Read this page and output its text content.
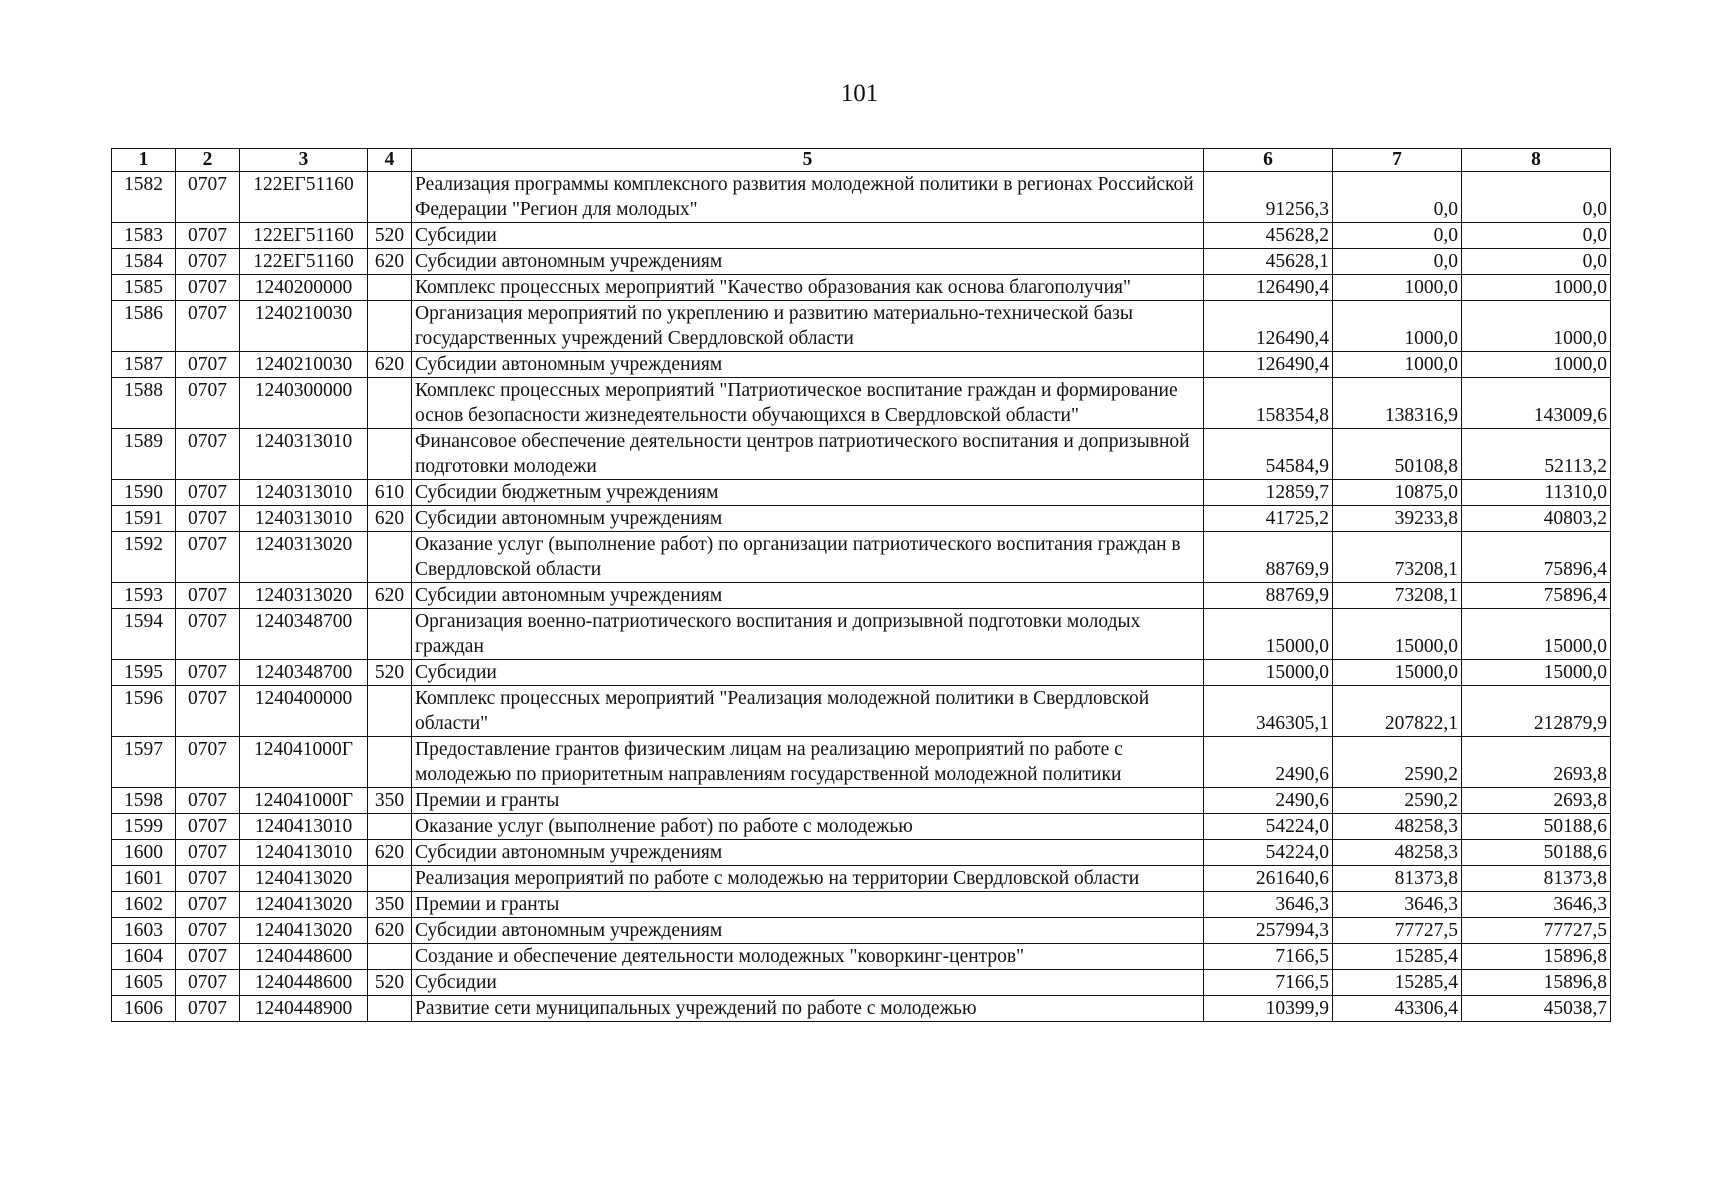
101
1	2	3	4	5	6	7	8
1582	0707	122ЕГ51160		Реализация программы комплексного развития молодежной политики в регионах Российской Федерации "Регион для молодых"	91256,3	0,0	0,0
1583	0707	122ЕГ51160	520	Субсидии	45628,2	0,0	0,0
1584	0707	122ЕГ51160	620	Субсидии автономным учреждениям	45628,1	0,0	0,0
1585	0707	1240200000		Комплекс процессных мероприятий "Качество образования как основа благополучия"	126490,4	1000,0	1000,0
1586	0707	1240210030		Организация мероприятий по укреплению и развитию материально-технической базы государственных учреждений Свердловской области	126490,4	1000,0	1000,0
1587	0707	1240210030	620	Субсидии автономным учреждениям	126490,4	1000,0	1000,0
1588	0707	1240300000		Комплекс процессных мероприятий "Патриотическое воспитание граждан и формирование основ безопасности жизнедеятельности обучающихся в Свердловской области"	158354,8	138316,9	143009,6
1589	0707	1240313010		Финансовое обеспечение деятельности центров патриотического воспитания и допризывной подготовки молодежи	54584,9	50108,8	52113,2
1590	0707	1240313010	610	Субсидии бюджетным учреждениям	12859,7	10875,0	11310,0
1591	0707	1240313010	620	Субсидии автономным учреждениям	41725,2	39233,8	40803,2
1592	0707	1240313020		Оказание услуг (выполнение работ) по организации патриотического воспитания граждан в Свердловской области	88769,9	73208,1	75896,4
1593	0707	1240313020	620	Субсидии автономным учреждениям	88769,9	73208,1	75896,4
1594	0707	1240348700		Организация военно-патриотического воспитания и допризывной подготовки молодых граждан	15000,0	15000,0	15000,0
1595	0707	1240348700	520	Субсидии	15000,0	15000,0	15000,0
1596	0707	1240400000		Комплекс процессных мероприятий "Реализация молодежной политики в Свердловской области"	346305,1	207822,1	212879,9
1597	0707	124041000Г		Предоставление грантов физическим лицам на реализацию мероприятий по работе с молодежью по приоритетным направлениям государственной молодежной политики	2490,6	2590,2	2693,8
1598	0707	124041000Г	350	Премии и гранты	2490,6	2590,2	2693,8
1599	0707	1240413010		Оказание услуг (выполнение работ) по работе с молодежью	54224,0	48258,3	50188,6
1600	0707	1240413010	620	Субсидии автономным учреждениям	54224,0	48258,3	50188,6
1601	0707	1240413020		Реализация мероприятий по работе с молодежью на территории Свердловской области	261640,6	81373,8	81373,8
1602	0707	1240413020	350	Премии и гранты	3646,3	3646,3	3646,3
1603	0707	1240413020	620	Субсидии автономным учреждениям	257994,3	77727,5	77727,5
1604	0707	1240448600		Создание и обеспечение деятельности молодежных "коворкинг-центров"	7166,5	15285,4	15896,8
1605	0707	1240448600	520	Субсидии	7166,5	15285,4	15896,8
1606	0707	1240448900		Развитие сети муниципальных учреждений по работе с молодежью	10399,9	43306,4	45038,7
